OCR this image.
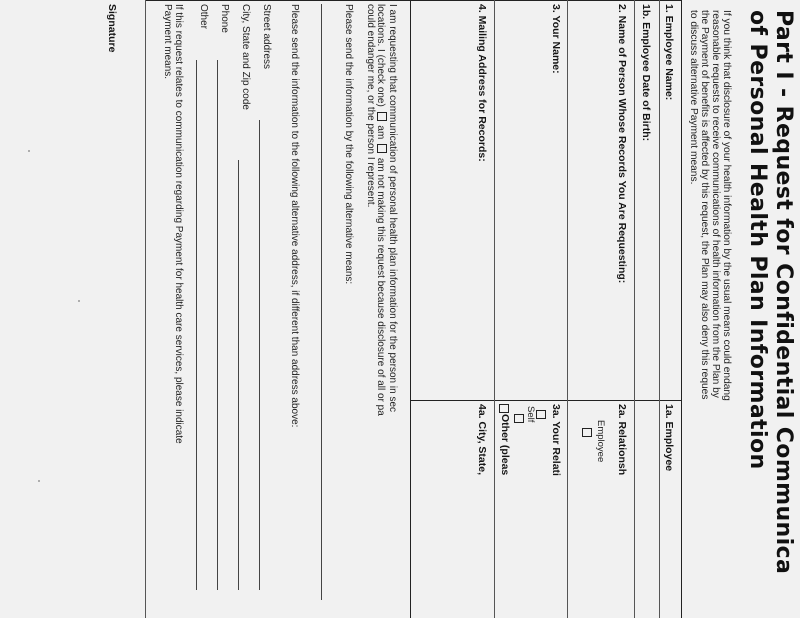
Part I - Request for Confidential Communica
of Personal Health Plan Information
If you think that disclosure of your health information by the usual means could endang
reasonable requests to receive communications of health information from the Plan by
the Payment of benefits is affected by this request, the Plan may also deny this reques
to discuss alternative Payment means.
1. Employee Name:
1a. Employee
1b. Employee Date of Birth:
2. Name of Person Whose Records You Are Requesting:
2a. Relationsh
Employee
3. Your Name:
3a. Your Relati
Self
Other (pleas
4. Mailing Address for Records:
4a. City, State,
I am requesting that communication of personal health plan information for the person in sec
locations. I (check one)  am  am not making this request because disclosure of all or pa
could endanger me, or the person I represent.
Please send the information by the following alternative means:
Please send the information to the following alternative address, if different than address above:
Street address
City, State and Zip code
Phone
Other
If this request relates to communication regarding Payment for health care services, please indicate
Payment means.
Signature
